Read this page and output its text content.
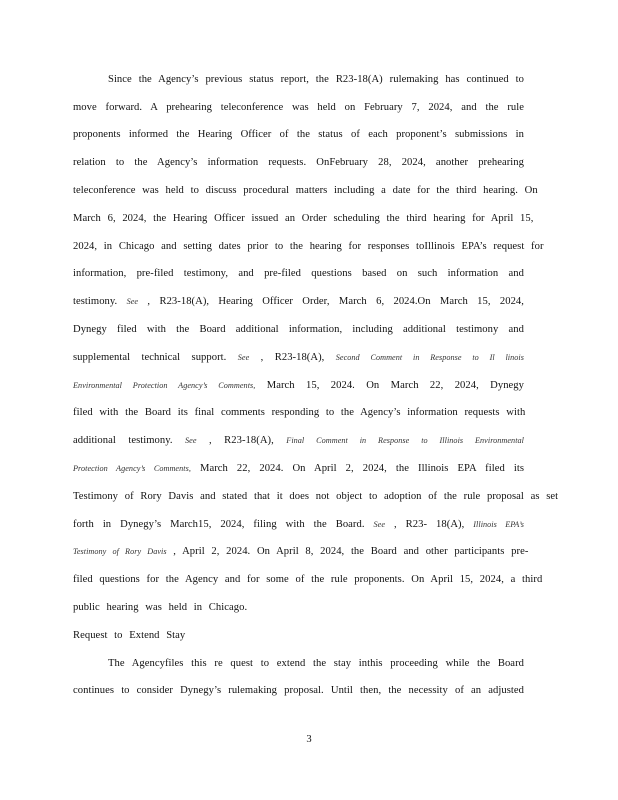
Since the Agency’s previous status report, the R23-18(A) rulemaking has continued to
move forward. A prehearing teleconference was held on February 7, 2024, and the rule
proponents informed the Hearing Officer of the status of each proponent’s submissions in
relation to the Agency’s information requests. OnFebruary 28, 2024, another prehearing
teleconference was held to discuss procedural matters including a date for the third hearing. On
March 6, 2024, the Hearing Officer issued an Order scheduling the third hearing for April 15,
2024, in Chicago and setting dates prior to the hearing for responses toIllinois EPA’s request for
information, pre-filed testimony, and pre-filed questions based on such information and
testimony. See , R23-18(A), Hearing Officer Order, March 6, 2024.On March 15, 2024,
Dynegy filed with the Board additional information, including additional testimony and
supplemental technical support. See , R23-18(A), Second Comment in Response to Il linois
Environmental Protection Agency’s Comments, March 15, 2024. On March 22, 2024, Dynegy
filed with the Board its final comments responding to the Agency’s information requests with
additional testimony. See , R23-18(A), Final Comment in Response to Illinois Environmental
Protection Agency’s Comments, March 22, 2024. On April 2, 2024, the Illinois EPA filed its
Testimony of Rory Davis and stated that it does not object to adoption of the rule proposal as set
forth in Dynegy’s March15, 2024, filing with the Board. See , R23- 18(A), Illinois EPA’s
Testimony of Rory Davis , April 2, 2024. On April 8, 2024, the Board and other participants pre-
filed questions for the Agency and for some of the rule proponents. On April 15, 2024, a third
public hearing was held in Chicago.
Request to Extend Stay
The Agencyfiles this re quest to extend the stay inthis proceeding while the Board
continues to consider Dynegy’s rulemaking proposal. Until then, the necessity of an adjusted
3
